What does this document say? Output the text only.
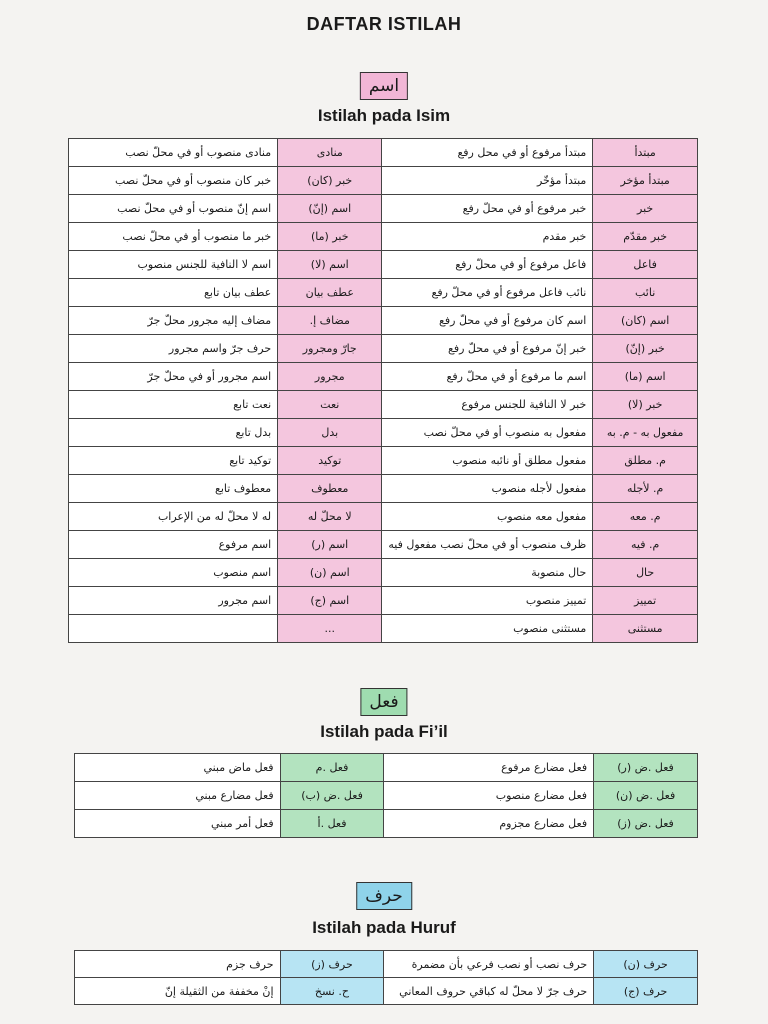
DAFTAR ISTILAH
اسم
Istilah pada Isim
منادى منصوب أو في محلّ نصب	منادى	مبتدأ مرفوع أو في محل رفع	مبتدأ
خبر كان منصوب أو في محلّ نصب	خبر (كان)	مبتدأ مؤخّر	مبتدأ مؤخر
اسم إنّ منصوب أو في محلّ نصب	اسم (إنّ)	خبر مرفوع أو في محلّ رفع	خبر
خبر ما منصوب أو في محلّ نصب	خبر (ما)	خبر مقدم	خبر مقدّم
اسم لا النافية للجنس منصوب	اسم (لا)	فاعل مرفوع أو في محلّ رفع	فاعل
عطف بيان تابع	عطف بيان	نائب فاعل مرفوع أو في محلّ رفع	نائب
مضاف إليه مجرور محلّ جرّ	مضاف إ.	اسم كان مرفوع أو في محلّ رفع	اسم (كان)
حرف جرّ واسم مجرور	جارّ ومجرور	خبر إنّ مرفوع أو في محلّ رفع	خبر (إنّ)
اسم مجرور أو في محلّ جرّ	مجرور	اسم ما مرفوع أو في محلّ رفع	اسم (ما)
نعت تابع	نعت	خبر لا النافية للجنس مرفوع	خبر (لا)
بدل تابع	بدل	مفعول به منصوب أو في محلّ نصب	مفعول به - م. به
توكيد تابع	توكيد	مفعول مطلق أو نائبه منصوب	م. مطلق
معطوف تابع	معطوف	مفعول لأجله منصوب	م. لأجله
له لا محلّ له من الإعراب	لا محلّ له	مفعول معه منصوب	م. معه
اسم مرفوع	اسم (ر)	ظرف منصوب أو في محلّ نصب مفعول فيه	م. فيه
اسم منصوب	اسم (ن)	حال منصوبة	حال
اسم مجرور	اسم (ج)	تمييز منصوب	تمييز
	...	مستثنى منصوب	مستثنى
فعل
Istilah pada Fi’il
فعل ماض مبني	فعل .م	فعل مضارع مرفوع	فعل .ض (ر)
فعل مضارع مبني	فعل .ض (ب)	فعل مضارع منصوب	فعل .ض (ن)
فعل أمر مبني	فعل .أ	فعل مضارع مجزوم	فعل .ض (ز)
حرف
Istilah pada Huruf
حرف جزم	حرف (ز)	حرف نصب أو نصب فرعي بأن مضمرة	حرف (ن)
إنْ مخففة من الثقيلة إنّ	ح. نسخ	حرف جرّ لا محلّ له كباقي حروف المعاني	حرف (ج)
